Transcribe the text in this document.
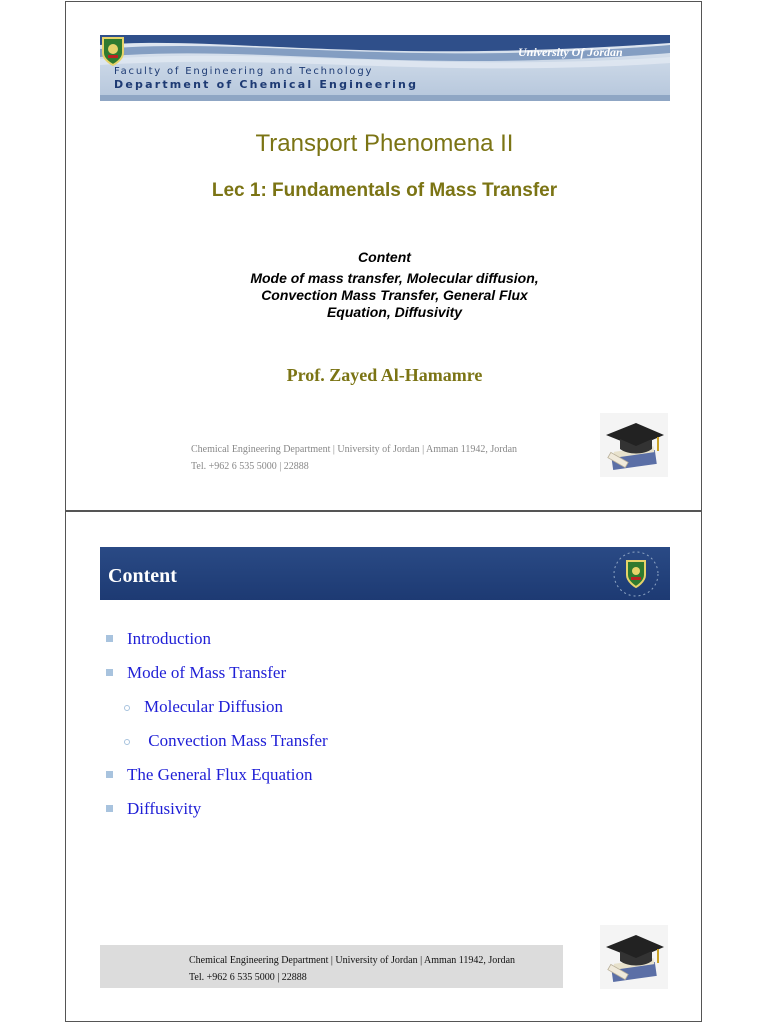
Faculty of Engineering and Technology
Department of Chemical Engineering
University Of Jordan
Transport Phenomena II
Lec 1: Fundamentals of Mass Transfer
Content
Mode of mass transfer, Molecular diffusion,
Convection Mass Transfer, General Flux
Equation, Diffusivity
Prof. Zayed Al-Hamamre
Chemical Engineering Department | University of Jordan | Amman 11942, Jordan
Tel. +962 6 535 5000 | 22888
Content
Introduction
Mode of Mass Transfer
Molecular Diffusion
Convection Mass Transfer
The General Flux Equation
Diffusivity
Chemical Engineering Department | University of Jordan | Amman 11942, Jordan
Tel. +962 6 535 5000 | 22888
